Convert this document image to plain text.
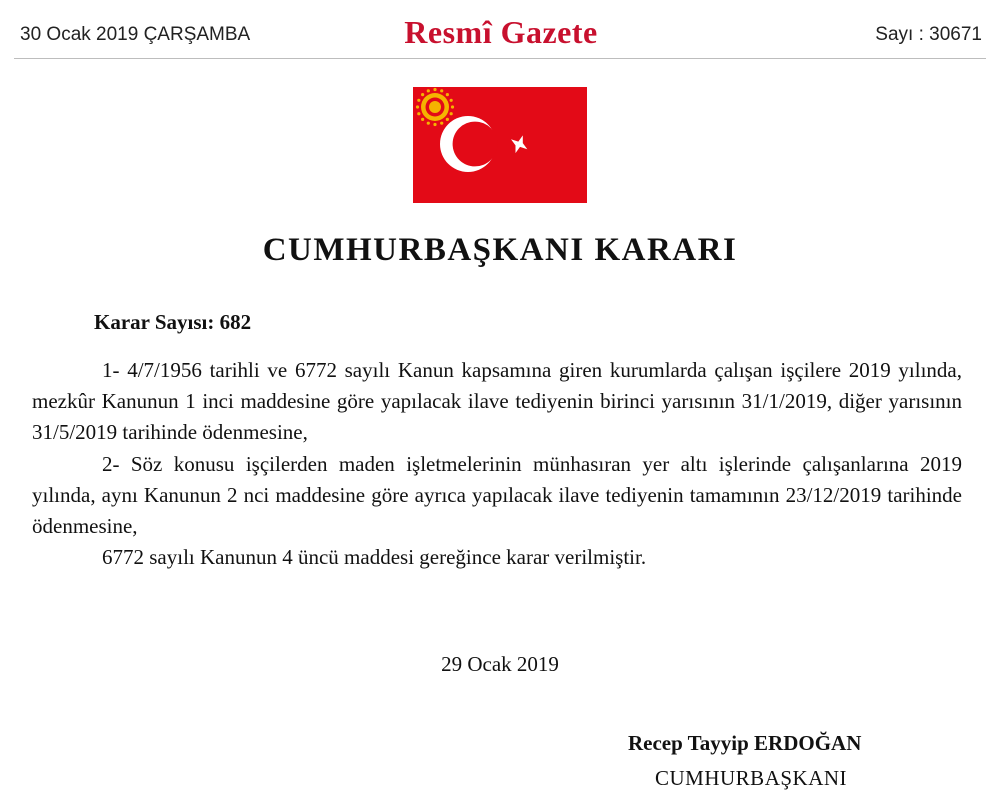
30 Ocak 2019 ÇARŞAMBA	Resmî Gazete	Sayı : 30671
CUMHURBAŞKANI KARARI
Karar Sayısı: 682

1- 4/7/1956 tarihli ve 6772 sayılı Kanun kapsamına giren kurumlarda çalışan işçilere 2019 yılında, mezkûr Kanunun 1 inci maddesine göre yapılacak ilave tediyenin birinci yarısının 31/1/2019, diğer yarısının 31/5/2019 tarihinde ödenmesine,

2- Söz konusu işçilerden maden işletmelerinin münhasıran yer altı işlerinde çalışanlarına 2019 yılında, aynı Kanunun 2 nci maddesine göre ayrıca yapılacak ilave tediyenin tamamının 23/12/2019 tarihinde ödenmesine,

6772 sayılı Kanunun 4 üncü maddesi gereğince karar verilmiştir.

29 Ocak 2019
Recep Tayyip ERDOĞAN
CUMHURBAŞKANI
